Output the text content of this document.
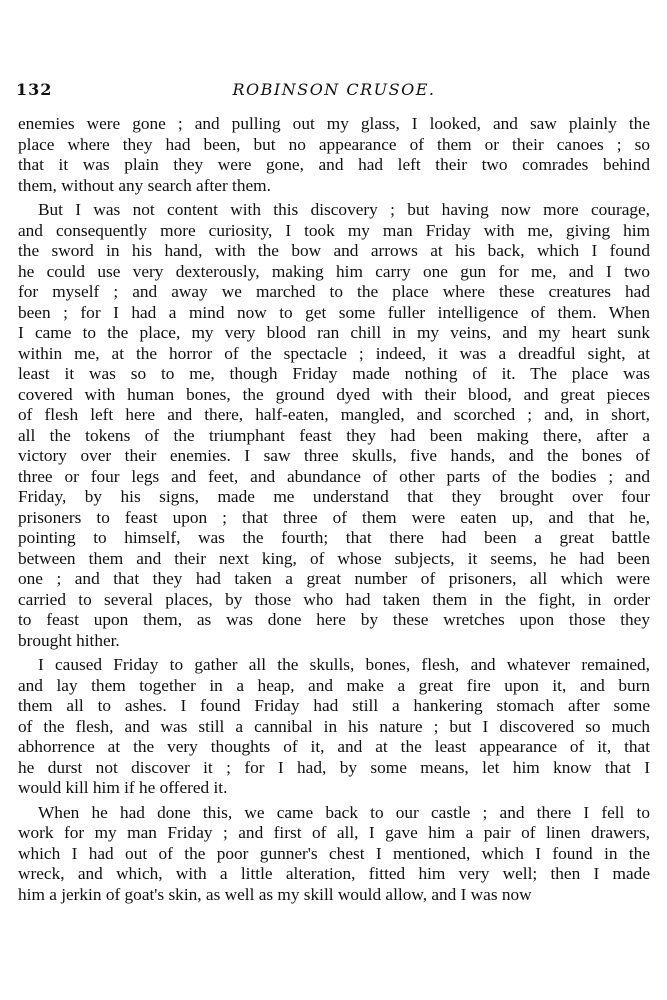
132	ROBINSON CRUSOE.
enemies were gone ; and pulling out my glass, I looked, and saw plainly the
place where they had been, but no appearance of them or their canoes ; so
that it was plain they were gone, and had left their two comrades behind
them, without any search after them.
But I was not content with this discovery ; but having now more courage,
and consequently more curiosity, I took my man Friday with me, giving him
the sword in his hand, with the bow and arrows at his back, which I found
he could use very dexterously, making him carry one gun for me, and I two
for myself ; and away we marched to the place where these creatures had
been ; for I had a mind now to get some fuller intelligence of them. When
I came to the place, my very blood ran chill in my veins, and my heart sunk
within me, at the horror of the spectacle ; indeed, it was a dreadful sight, at
least it was so to me, though Friday made nothing of it. The place was
covered with human bones, the ground dyed with their blood, and great pieces
of flesh left here and there, half-eaten, mangled, and scorched ; and, in short,
all the tokens of the triumphant feast they had been making there, after a
victory over their enemies. I saw three skulls, five hands, and the bones of
three or four legs and feet, and abundance of other parts of the bodies ; and
Friday, by his signs, made me understand that they brought over four
prisoners to feast upon ; that three of them were eaten up, and that he,
pointing to himself, was the fourth; that there had been a great battle
between them and their next king, of whose subjects, it seems, he had been
one ; and that they had taken a great number of prisoners, all which were
carried to several places, by those who had taken them in the fight, in order
to feast upon them, as was done here by these wretches upon those they
brought hither.
I caused Friday to gather all the skulls, bones, flesh, and whatever remained,
and lay them together in a heap, and make a great fire upon it, and burn
them all to ashes. I found Friday had still a hankering stomach after some
of the flesh, and was still a cannibal in his nature ; but I discovered so much
abhorrence at the very thoughts of it, and at the least appearance of it, that
he durst not discover it ; for I had, by some means, let him know that I
would kill him if he offered it.
When he had done this, we came back to our castle ; and there I fell to
work for my man Friday ; and first of all, I gave him a pair of linen drawers,
which I had out of the poor gunner's chest I mentioned, which I found in the
wreck, and which, with a little alteration, fitted him very well; then I made
him a jerkin of goat's skin, as well as my skill would allow, and I was now
